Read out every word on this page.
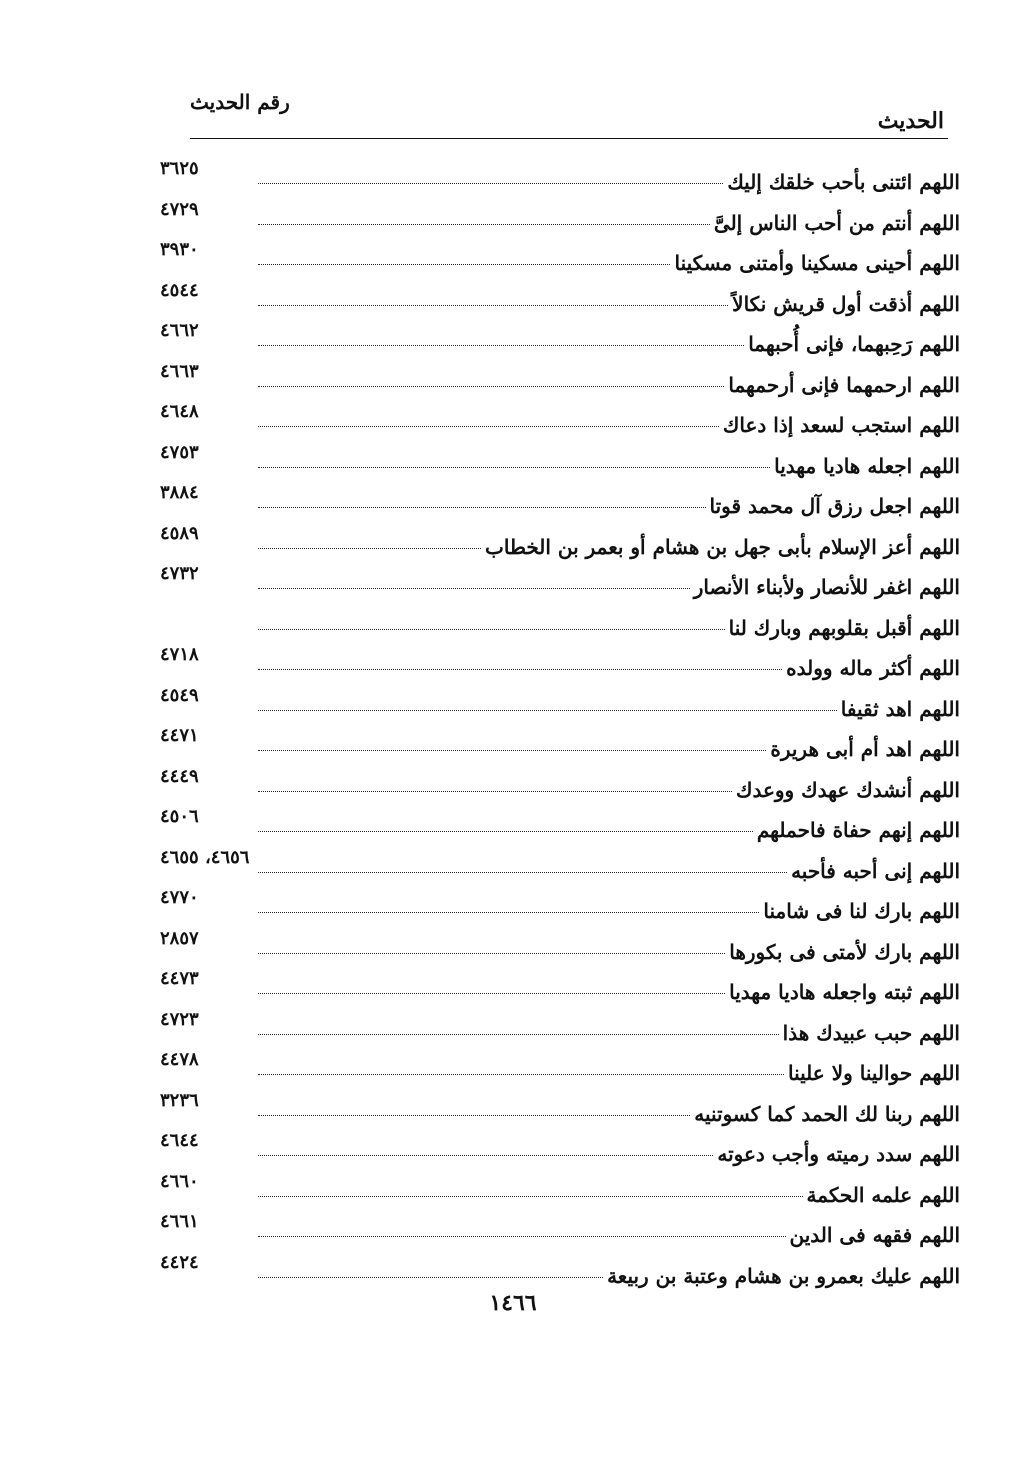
الحديث
رقم الحديث
اللهم ائتنى بأحب خلقك إليك
٣٦٢٥
اللهم أنتم من أحب الناس إلىَّ
٤٧٢٩
اللهم أحينى مسكينا وأمتنى مسكينا
٣٩٣٠
اللهم أذقت أول قريش نكالاً
٤٥٤٤
اللهم رَحِبهما، فإنى أُحبهما
٤٦٦٢
اللهم ارحمهما فإنى أرحمهما
٤٦٦٣
اللهم استجب لسعد إذا دعاك
٤٦٤٨
اللهم اجعله هاديا مهديا
٤٧٥٣
اللهم اجعل رزق آل محمد قوتا
٣٨٨٤
اللهم أعز الإسلام بأبى جهل بن هشام أو بعمر بن الخطاب
٤٥٨٩
اللهم اغفر للأنصار ولأبناء الأنصار
٤٧٣٢
اللهم أقبل بقلوبهم وبارك لنا
اللهم أكثر ماله وولده
٤٧١٨
اللهم اهد ثقيفا
٤٥٤٩
اللهم اهد أم أبى هريرة
٤٤٧١
اللهم أنشدك عهدك ووعدك
٤٤٤٩
اللهم إنهم حفاة فاحملهم
٤٥٠٦
اللهم إنى أحبه فأحبه
٤٦٥٦، ٤٦٥٥
اللهم بارك لنا فى شامنا
٤٧٧٠
اللهم بارك لأمتى فى بكورها
٢٨٥٧
اللهم ثبته واجعله هاديا مهديا
٤٤٧٣
اللهم حبب عبيدك هذا
٤٧٢٣
اللهم حوالينا ولا علينا
٤٤٧٨
اللهم ربنا لك الحمد كما كسوتنيه
٣٢٣٦
اللهم سدد رميته وأجب دعوته
٤٦٤٤
اللهم علمه الحكمة
٤٦٦٠
اللهم فقهه فى الدين
٤٦٦١
اللهم عليك بعمرو بن هشام وعتبة بن ربيعة
٤٤٢٤
١٤٦٦
